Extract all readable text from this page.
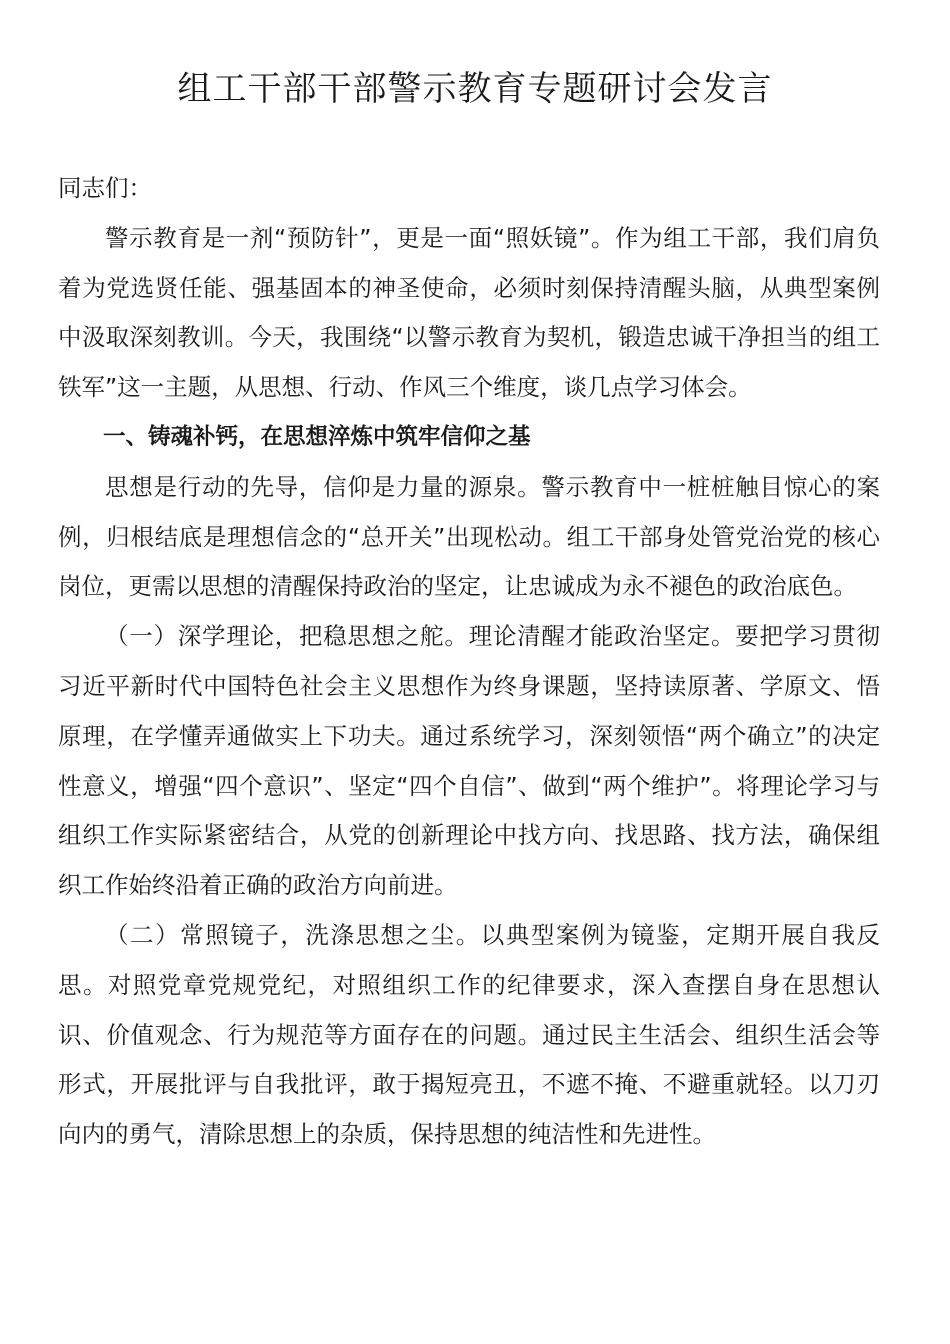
组工干部干部警示教育专题研讨会发言

同志们：

警示教育是一剂“预防针”，更是一面“照妖镜”。作为组工干部，我们肩负着为党选贤任能、强基固本的神圣使命，必须时刻保持清醒头脑，从典型案例中汲取深刻教训。今天，我围绕“以警示教育为契机，锻造忠诚干净担当的组工铁军”这一主题，从思想、行动、作风三个维度，谈几点学习体会。

一、铸魂补钙，在思想淬炼中筑牢信仰之基

思想是行动的先导，信仰是力量的源泉。警示教育中一桩桩触目惊心的案例，归根结底是理想信念的“总开关”出现松动。组工干部身处管党治党的核心岗位，更需以思想的清醒保持政治的坚定，让忠诚成为永不褪色的政治底色。

（一）深学理论，把稳思想之舵。理论清醒才能政治坚定。要把学习贯彻习近平新时代中国特色社会主义思想作为终身课题，坚持读原著、学原文、悟原理，在学懂弄通做实上下功夫。通过系统学习，深刻领悟“两个确立”的决定性意义，增强“四个意识”、坚定“四个自信”、做到“两个维护”。将理论学习与组织工作实际紧密结合，从党的创新理论中找方向、找思路、找方法，确保组织工作始终沿着正确的政治方向前进。

（二）常照镜子，洗涤思想之尘。以典型案例为镜鉴，定期开展自我反思。对照党章党规党纪，对照组织工作的纪律要求，深入查摆自身在思想认识、价值观念、行为规范等方面存在的问题。通过民主生活会、组织生活会等形式，开展批评与自我批评，敢于揭短亮丑，不遮不掩、不避重就轻。以刀刃向内的勇气，清除思想上的杂质，保持思想的纯洁性和先进性。
